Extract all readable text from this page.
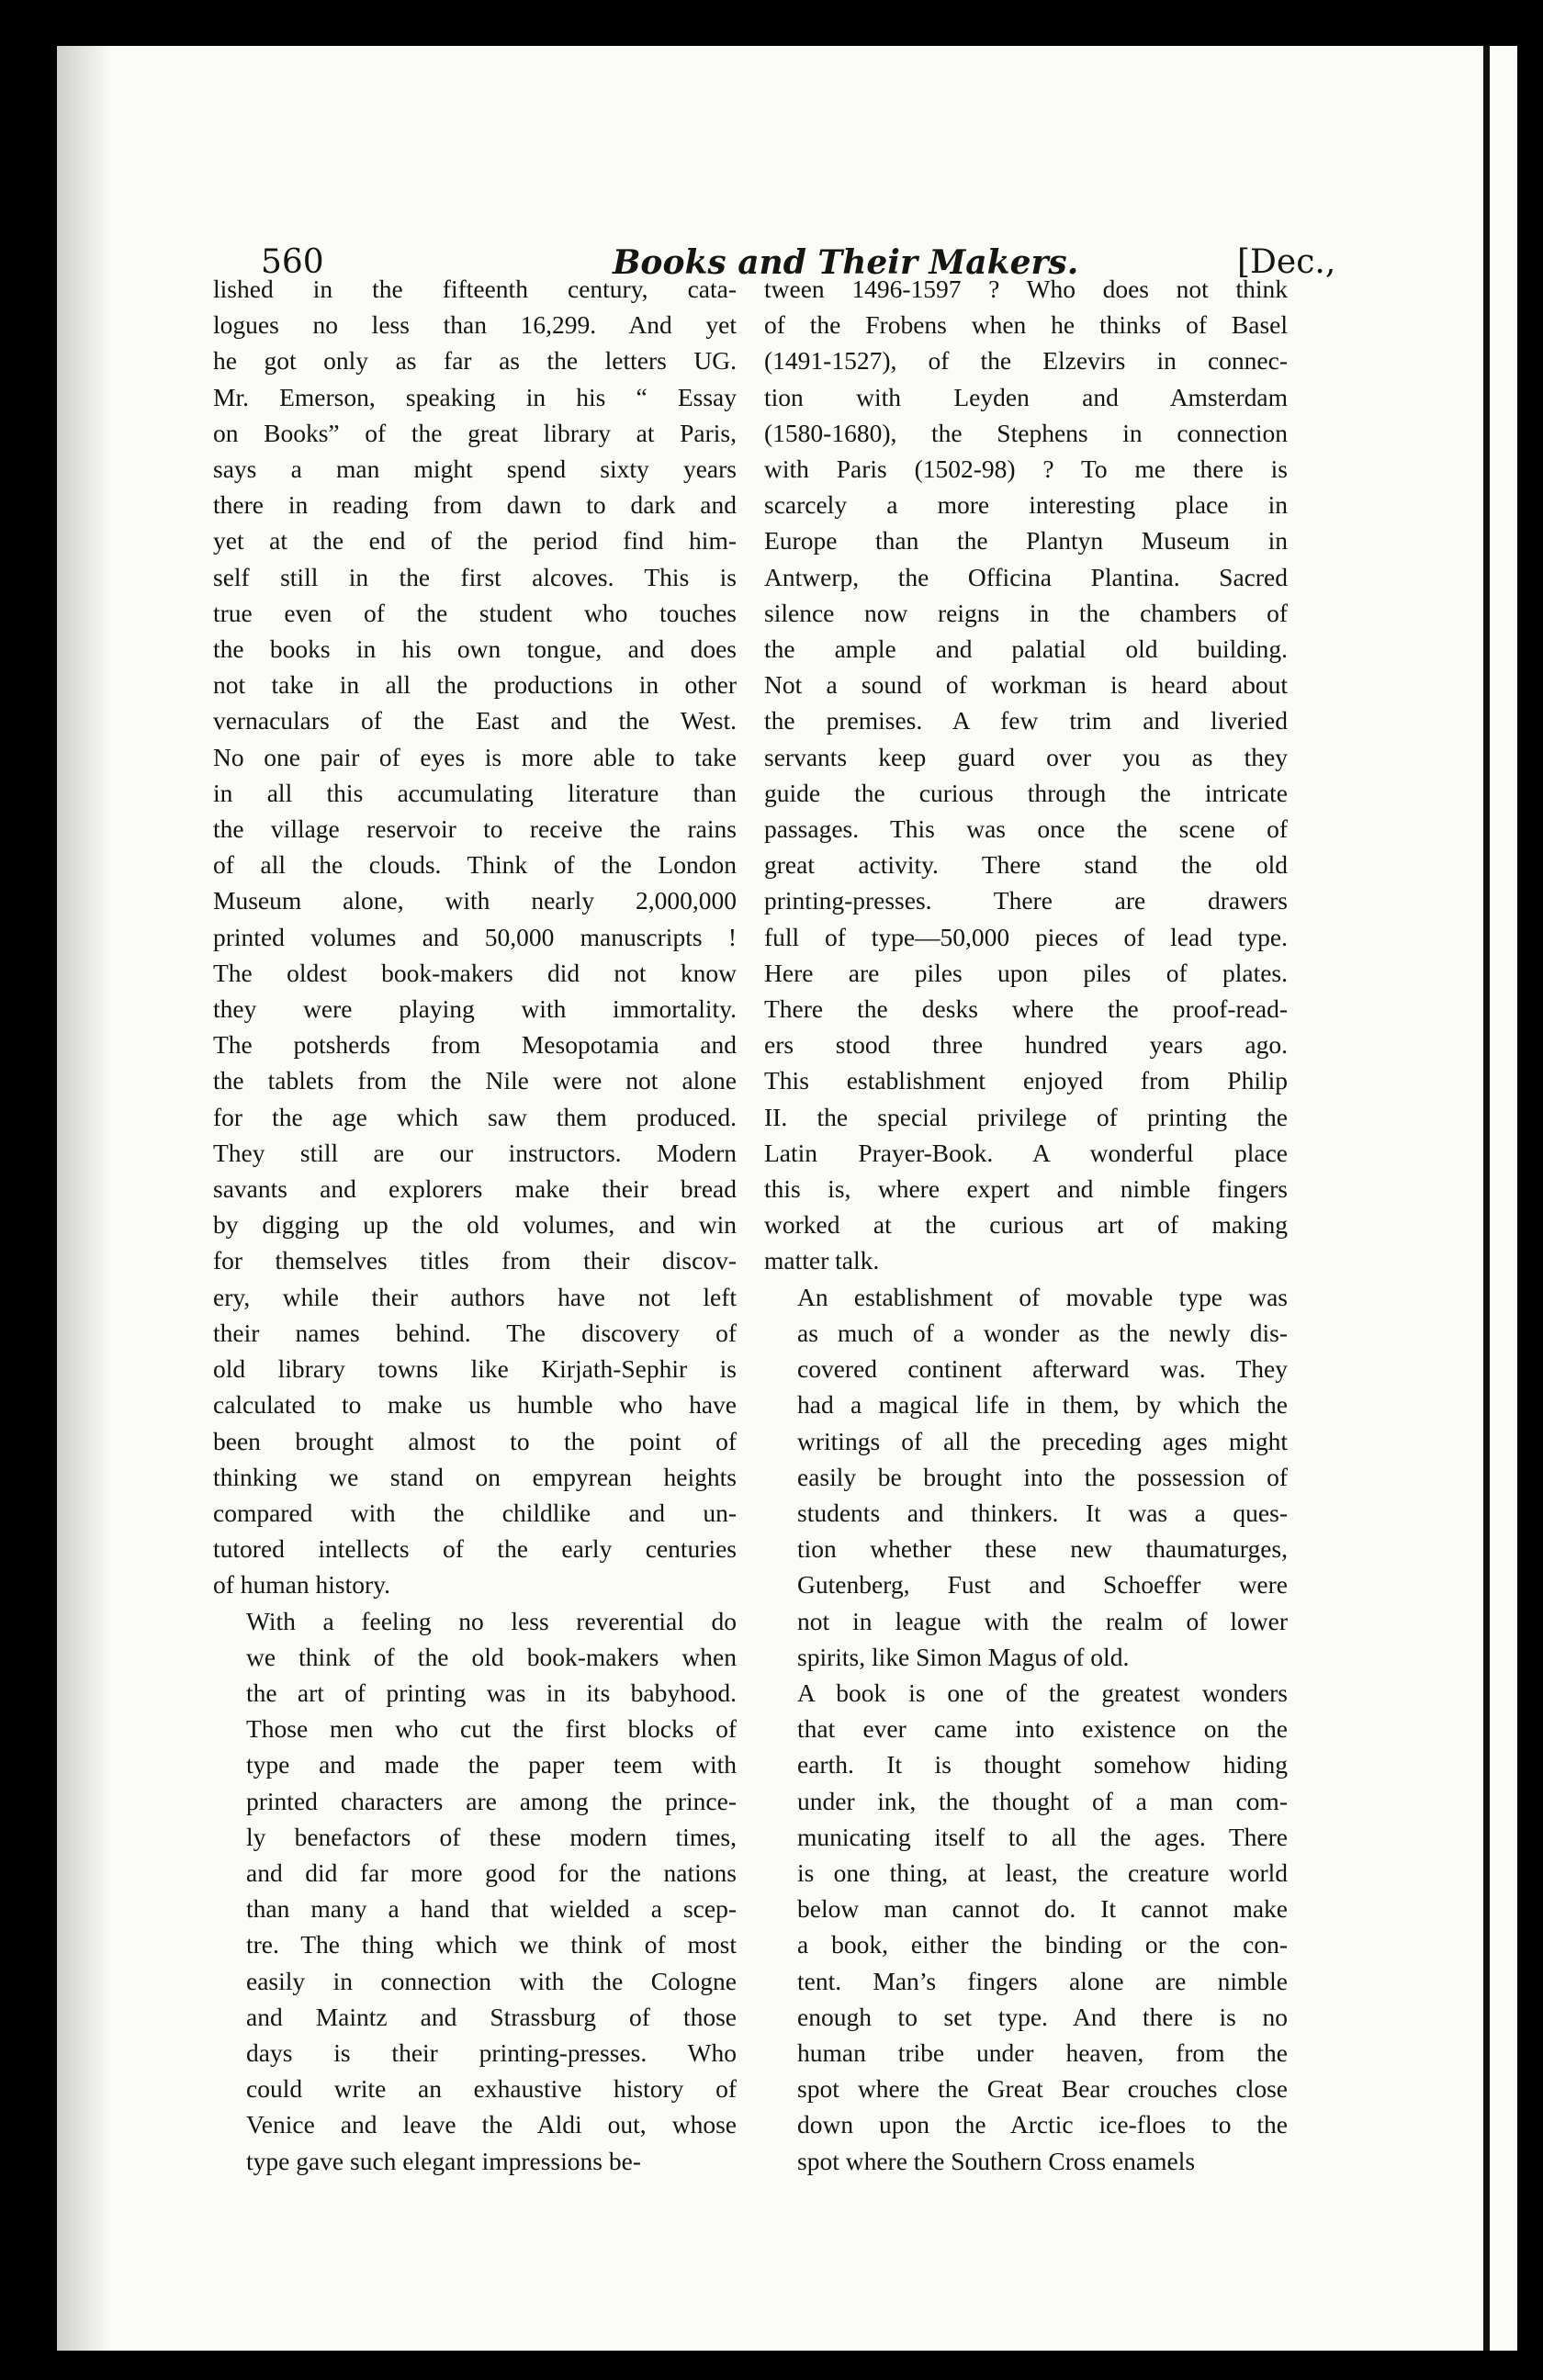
560	Books and Their Makers.	[Dec.,

lished in the fifteenth century, cata-
logues no less than 16,299. And yet
he got only as far as the letters UG.
Mr. Emerson, speaking in his “ Essay
on Books” of the great library at Paris,
says a man might spend sixty years
there in reading from dawn to dark and
yet at the end of the period find him-
self still in the first alcoves. This is
true even of the student who touches
the books in his own tongue, and does
not take in all the productions in other
vernaculars of the East and the West.
No one pair of eyes is more able to take
in all this accumulating literature than
the village reservoir to receive the rains
of all the clouds. Think of the London
Museum alone, with nearly 2,000,000
printed volumes and 50,000 manuscripts !
The oldest book-makers did not know
they were playing with immortality.
The potsherds from Mesopotamia and
the tablets from the Nile were not alone
for the age which saw them produced.
They still are our instructors. Modern
savants and explorers make their bread
by digging up the old volumes, and win
for themselves titles from their discov-
ery, while their authors have not left
their names behind. The discovery of
old library towns like Kirjath-Sephir is
calculated to make us humble who have
been brought almost to the point of
thinking we stand on empyrean heights
compared with the childlike and un-
tutored intellects of the early centuries
of human history.

With a feeling no less reverential do
we think of the old book-makers when
the art of printing was in its babyhood.
Those men who cut the first blocks of
type and made the paper teem with
printed characters are among the prince-
ly benefactors of these modern times,
and did far more good for the nations
than many a hand that wielded a scep-
tre. The thing which we think of most
easily in connection with the Cologne
and Maintz and Strassburg of those
days is their printing-presses. Who
could write an exhaustive history of
Venice and leave the Aldi out, whose
type gave such elegant impressions be-

tween 1496-1597 ? Who does not think
of the Frobens when he thinks of Basel
(1491-1527), of the Elzevirs in connec-
tion with Leyden and Amsterdam
(1580-1680), the Stephens in connection
with Paris (1502-98) ? To me there is
scarcely a more interesting place in
Europe than the Plantyn Museum in
Antwerp, the Officina Plantina. Sacred
silence now reigns in the chambers of
the ample and palatial old building.
Not a sound of workman is heard about
the premises. A few trim and liveried
servants keep guard over you as they
guide the curious through the intricate
passages. This was once the scene of
great activity. There stand the old
printing-presses. There are drawers
full of type—50,000 pieces of lead type.
Here are piles upon piles of plates.
There the desks where the proof-read-
ers stood three hundred years ago.
This establishment enjoyed from Philip
II. the special privilege of printing the
Latin Prayer-Book. A wonderful place
this is, where expert and nimble fingers
worked at the curious art of making
matter talk.

An establishment of movable type was
as much of a wonder as the newly dis-
covered continent afterward was. They
had a magical life in them, by which the
writings of all the preceding ages might
easily be brought into the possession of
students and thinkers. It was a ques-
tion whether these new thaumaturges,
Gutenberg, Fust and Schoeffer were
not in league with the realm of lower
spirits, like Simon Magus of old.

A book is one of the greatest wonders
that ever came into existence on the
earth. It is thought somehow hiding
under ink, the thought of a man com-
municating itself to all the ages. There
is one thing, at least, the creature world
below man cannot do. It cannot make
a book, either the binding or the con-
tent. Man’s fingers alone are nimble
enough to set type. And there is no
human tribe under heaven, from the
spot where the Great Bear crouches close
down upon the Arctic ice-floes to the
spot where the Southern Cross enamels
